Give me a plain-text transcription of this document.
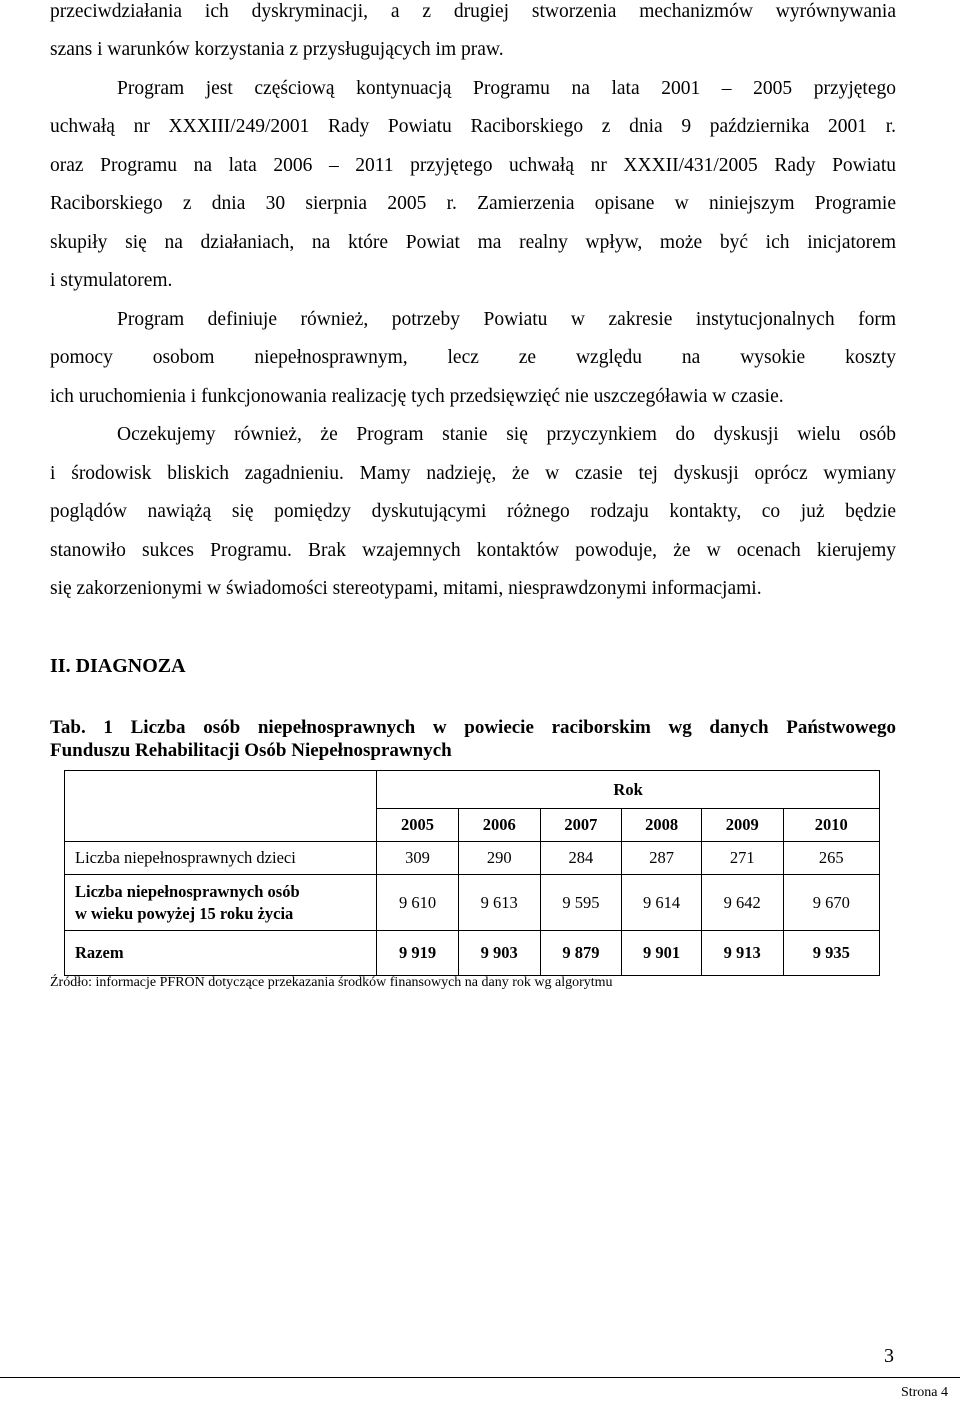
przeciwdziałania ich dyskryminacji, a z drugiej stworzenia mechanizmów wyrównywania
szans i warunków korzystania z przysługujących im praw.
Program jest częściową kontynuacją Programu na lata 2001 – 2005 przyjętego
uchwałą nr XXXIII/249/2001 Rady Powiatu Raciborskiego z dnia 9 października 2001 r.
oraz Programu na lata 2006 – 2011 przyjętego uchwałą nr XXXII/431/2005 Rady Powiatu
Raciborskiego z dnia 30 sierpnia 2005 r. Zamierzenia opisane w niniejszym Programie
skupiły się na działaniach, na które Powiat ma realny wpływ, może być ich inicjatorem
i stymulatorem.
Program definiuje również, potrzeby Powiatu w zakresie instytucjonalnych form
pomocy osobom niepełnosprawnym, lecz ze względu na wysokie koszty
ich uruchomienia i funkcjonowania realizację tych przedsięwzięć nie uszczegóławia w czasie.
Oczekujemy również, że Program stanie się przyczynkiem do dyskusji wielu osób
i środowisk bliskich zagadnieniu. Mamy nadzieję, że w czasie tej dyskusji oprócz wymiany
poglądów nawiążą się pomiędzy dyskutującymi różnego rodzaju kontakty, co już będzie
stanowiło sukces Programu. Brak wzajemnych kontaktów powoduje, że w ocenach kierujemy
się zakorzenionymi w świadomości stereotypami, mitami, niesprawdzonymi informacjami.
II. DIAGNOZA
Tab. 1 Liczba osób niepełnosprawnych w powiecie raciborskim wg danych Państwowego
Funduszu Rehabilitacji Osób Niepełnosprawnych
	Rok					
	2005	2006	2007	2008	2009	2010
Liczba niepełnosprawnych dzieci	309	290	284	287	271	265

Liczba niepełnosprawnych osób
w wieku powyżej 15 roku życia	9 610	9 613	9 595	9 614	9 642	9 670
Razem	9 919	9 903	9 879	9 901	9 913	9 935
Źródło: informacje PFRON dotyczące przekazania środków finansowych na dany rok wg algorytmu
3
Strona 4
